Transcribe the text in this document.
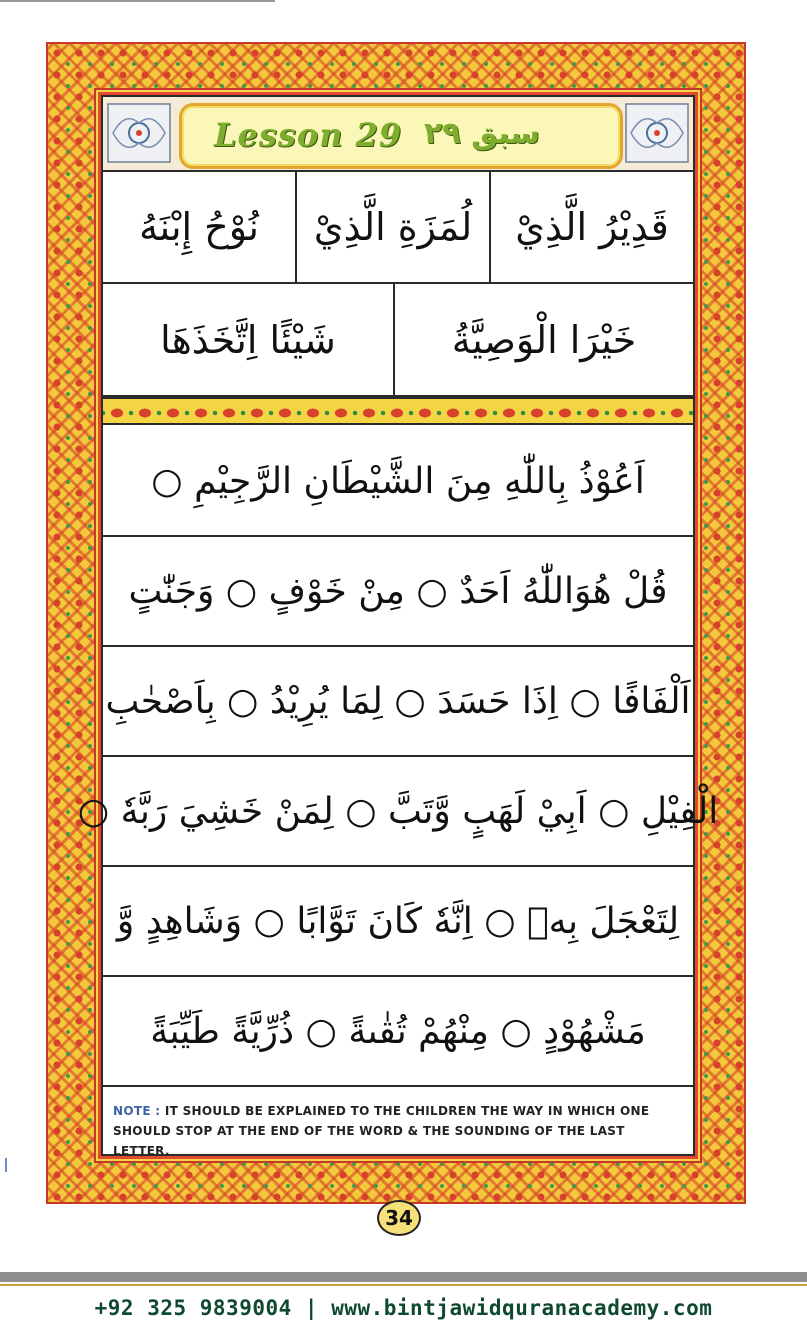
Lesson 29 سبق ۲۹
قَدِيْرُ الَّذِيْ
لُمَزَةِ الَّذِيْ
نُوْحُ إِبْنَهُ
خَيْرَا الْوَصِيَّةُ
شَيْئًا اِتَّخَذَهَا
اَعُوْذُ بِاللّٰهِ مِنَ الشَّيْطَانِ الرَّجِيْمِ ○
قُلْ هُوَاللّٰهُ اَحَدٌ ○ مِنْ خَوْفٍ ○ وَجَنّٰتٍ
اَلْفَافًا ○ اِذَا حَسَدَ ○ لِمَا يُرِيْدُ ○ بِاَصْحٰبِ
الْفِيْلِ ○ اَبِيْ لَهَبٍ وَّتَبَّ ○ لِمَنْ خَشِيَ رَبَّهٗ ○
لِتَعْجَلَ بِهٖ ○ اِنَّهٗ كَانَ تَوَّابًا ○ وَشَاهِدٍ وَّ
مَشْهُوْدٍ ○ مِنْهُمْ تُقٰىةً ○ ذُرِّيَّةً طَيِّبَةً
NOTE : IT SHOULD BE EXPLAINED TO THE CHILDREN THE WAY IN WHICH ONE SHOULD STOP AT THE END OF THE WORD & THE SOUNDING OF THE LAST LETTER.
34
+92 325 9839004 | www.bintjawidquranacademy.com
